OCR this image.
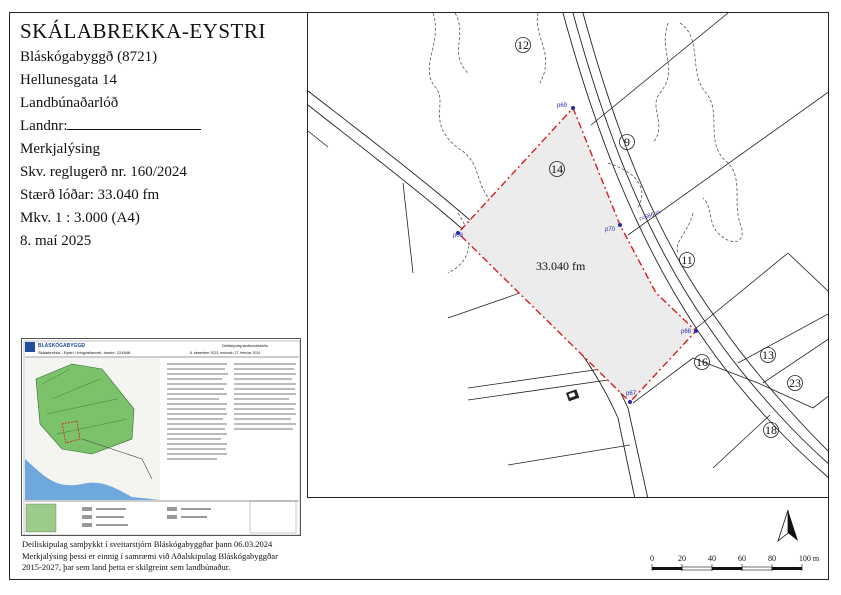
SKÁLABREKKA-EYSTRI
Bláskógabyggð (8721)
Hellunesgata 14
Landbúnaðarlóð
Landnr:
Merkjalýsing
Skv. reglugerð nr. 160/2024
Stærð lóðar: 33.040 fm
Mkv. 1 : 3.000 (A4)
8. maí 2025
p69
p70
p68
p67
p08
r=586 m
33.040 fm
12
9
14
11
16	13
23
18
BLÁSKÓGABYGGÐ
Skálabrekka - Eystri í Þingvallasveit, landnr: 224848
Deiliskipulag landbúnaðalóða
8. desember 2023, endursk: 27. febrúar 2024
Deiliskipulag samþykkt í sveitarstjórn Bláskógabyggðar þann 06.03.2024
Merkjalýsing þessi er einnig í samræmi við Aðalskipulag Bláskógabyggðar
2015-2027, þar sem land þetta er skilgreint sem landbúnaður.
0	20	40	60	80	100 m
